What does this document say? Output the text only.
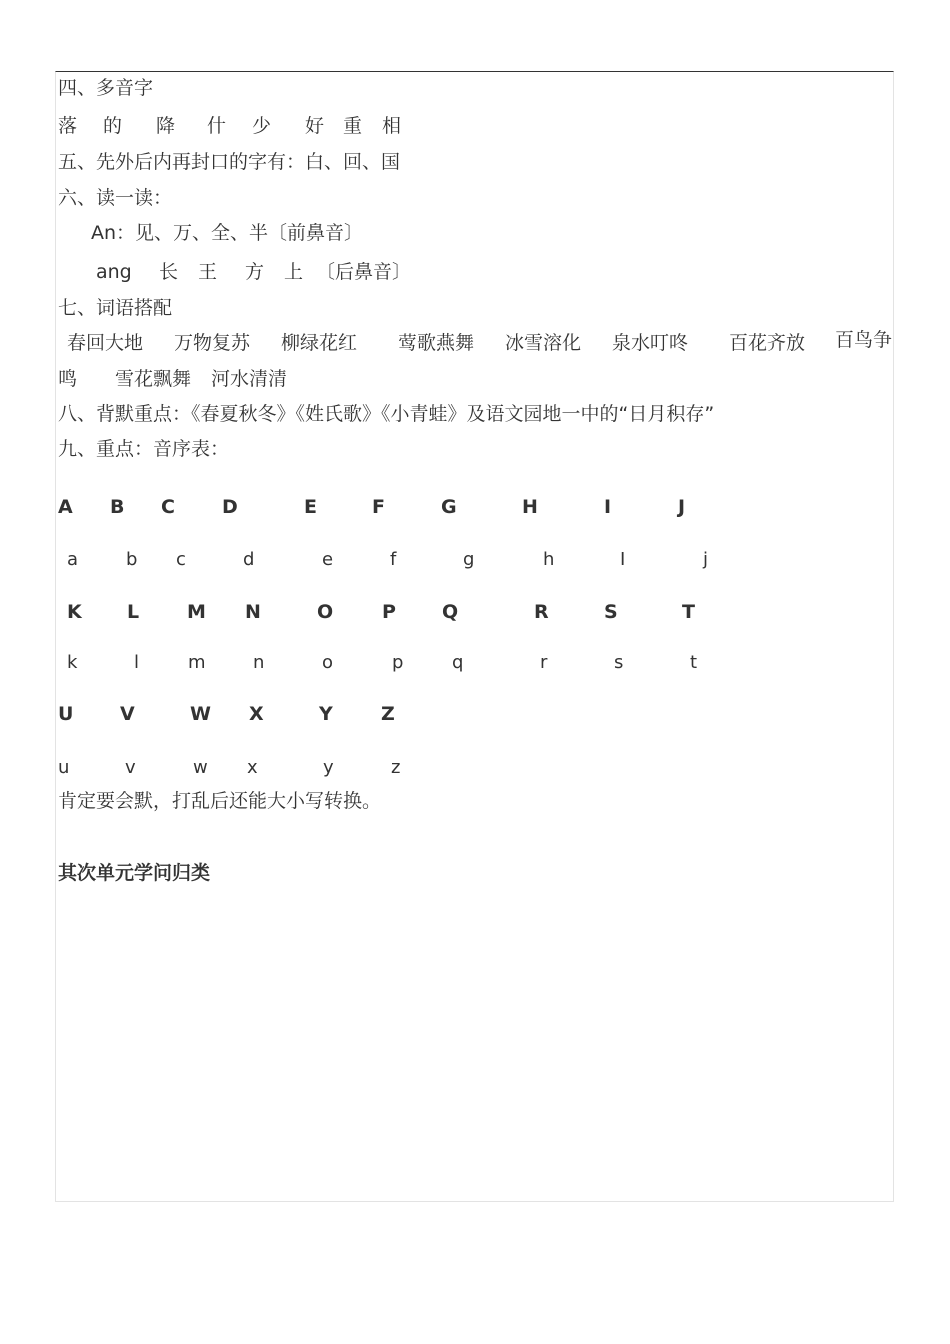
四、多音字
落 的 降 什 少 好 重 相
五、先外后内再封口的字有：白、回、国
六、读一读：
An：见、万、全、半〔前鼻音〕
ang 长 王 方 上 〔后鼻音〕
七、词语搭配
春回大地 万物复苏 柳绿花红 莺歌燕舞 冰雪溶化 泉水叮咚 百花齐放 百鸟争
鸣 雪花飘舞 河水清清
八、背默重点：《春夏秋冬》《姓氏歌》《小青蛙》及语文园地一中的“日月积存”
九、重点：音序表：
A B C D	E	F	G	H	I	J
a	b c	d	e	f	g	h	I	j
K L	M N	O	P Q	R	S	T
k	l	m	n	o	p	q	r	s	t
U V	W X	Y	Z
u	v	w x	y	z
肯定要会默，打乱后还能大小写转换。
其次单元学问归类
